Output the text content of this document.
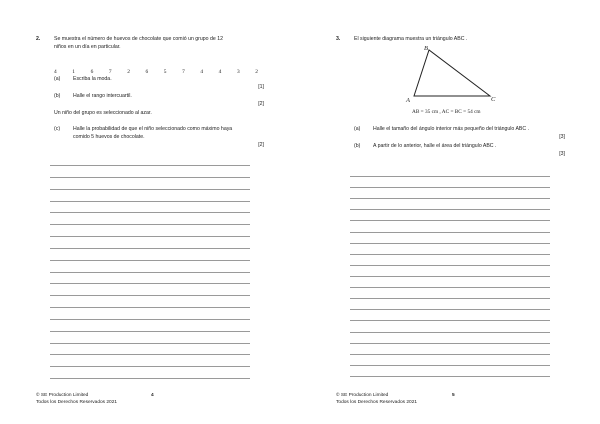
2.	Se muestra el número de huevos de chocolate que comió un grupo de 12
niños en un día en particular.
4	1	6	7	2	6	5	7	4	4	3	2
(a) Escriba la moda.
[1]
(b) Halle el rango intercuartil.
[2]
Un niño del grupo es seleccionado al azar.
(c) Halle la probabilidad de que el niño seleccionado como máximo haya
comido 5 huevos de chocolate.
[2]
© SE Production Limited
Todos los Derechos Reservados 2021
4
3.	El siguiente diagrama muestra un triángulo ABC .
A
B
C
AB = 35 cm , AC = BC = 54 cm
(a) Halle el tamaño del ángulo interior más pequeño del triángulo ABC .
[3]
(b) A partir de lo anterior, halle el área del triángulo ABC .
[3]
© SE Production Limited
Todos los Derechos Reservados 2021
5
